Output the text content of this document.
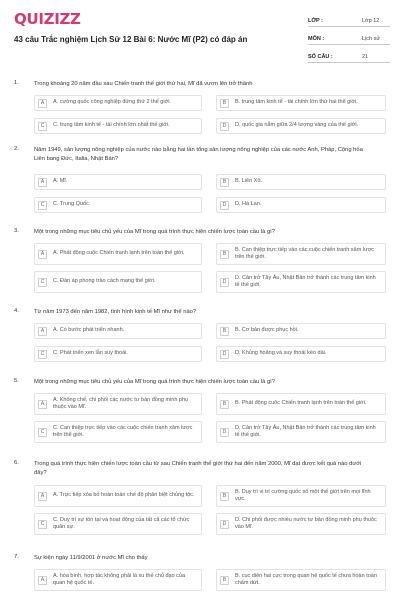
QUIZIZZ
43 câu Trắc nghiệm Lịch Sử 12 Bài 6: Nước Mĩ (P2) có đáp án
LỚP :	Lớp 12
MÔN :	Lịch sử
SỐ CÂU :	21
1.	Trong khoảng 20 năm đầu sau Chiến tranh thế giới thứ hai, Mĩ đã vươn lên trở thành
A	A. cường quốc công nghiệp đứng thứ 2 thế giới.	B	B. trung tâm kinh tế - tài chính lớn thứ hai thế giới.
C	C. trung tâm kinh tế - tài chính lớn nhất thế giới.	D	D. quốc gia nắm giữa 2/4 lượng vàng của thế giới.
2.	Năm 1949, sản lượng nông nghiệp của nước nào bằng hai lần tổng sản lượng nông nghiệp của các nước Anh, Pháp, Cộng hòa Liên bang Đức, Italia, Nhật Bản?
A	A. Mĩ.	B	B. Liên Xô.
C	C. Trung Quốc.	D	D. Hà Lan.
3.	Một trong những mục tiêu chủ yếu của Mĩ trong quá trình thực hiện chiến lược toàn cầu là gì?
A	A. Phát động cuộc Chiến tranh lạnh trên toàn thế giới.	B
B. Can thiệp trực tiếp vào các cuộc chiến tranh xâm lược trên thế giới.
C	C. Đàn áp phong trào cách mạng thế giới.	D
D. Cản trở Tây Âu, Nhật Bản trở thành các trung tâm kinh tế thế giới.
4.	Từ năm 1973 đến năm 1982, tình hình kinh tế Mĩ như thế nào?
A	A. Có bước phát triển nhanh.	B	B. Cơ bản được phục hồi.
C	C. Phát triển xen lẫn suy thoái.	D	D. Khủng hoảng và suy thoái kéo dài.
5.	Một trong những mục tiêu chủ yếu của Mĩ trong quá trình thực hiện chiến lược toàn cầu là gì?
A
A. Khống chế, chi phối các nước tư bản đồng minh phụ thuộc vào Mĩ.	B	B. Phát động cuộc Chiến tranh lạnh trên toàn thế giới.
C
C. Can thiệp trực tiếp vào các cuộc chiến tranh xâm lược trên thế giới.	D
D. Cản trở Tây Âu, Nhật Bản trở thành các trung tâm kinh tế thế giới.
6.	Trong quá trình thực hiện chiến lược toàn cầu từ sau Chiến tranh thế giới thứ hai đến năm 2000, Mĩ đạt được kết quả nào dưới đây?
A	A. Trực tiếp xóa bỏ hoàn toàn chế độ phân biệt chủng tộc.	B
B. Duy trì vị trí cường quốc số một thế giới trên mọi lĩnh vực.
C
C. Duy trì sự tồn tại và hoạt động của tất cả các tổ chức quân sự.	D
D. Chi phối được nhiều nước tư bản đồng minh phụ thuộc vào Mĩ.
7.	Sự kiện ngày 11/9/2001 ở nước Mĩ cho thấy
A
A. hòa bình, hợp tác không phải là xu thế chủ đạo của quan hệ quốc tế.	B
B. cục diện hai cực trong quan hệ quốc tế chưa hoàn toàn chấm dứt.
